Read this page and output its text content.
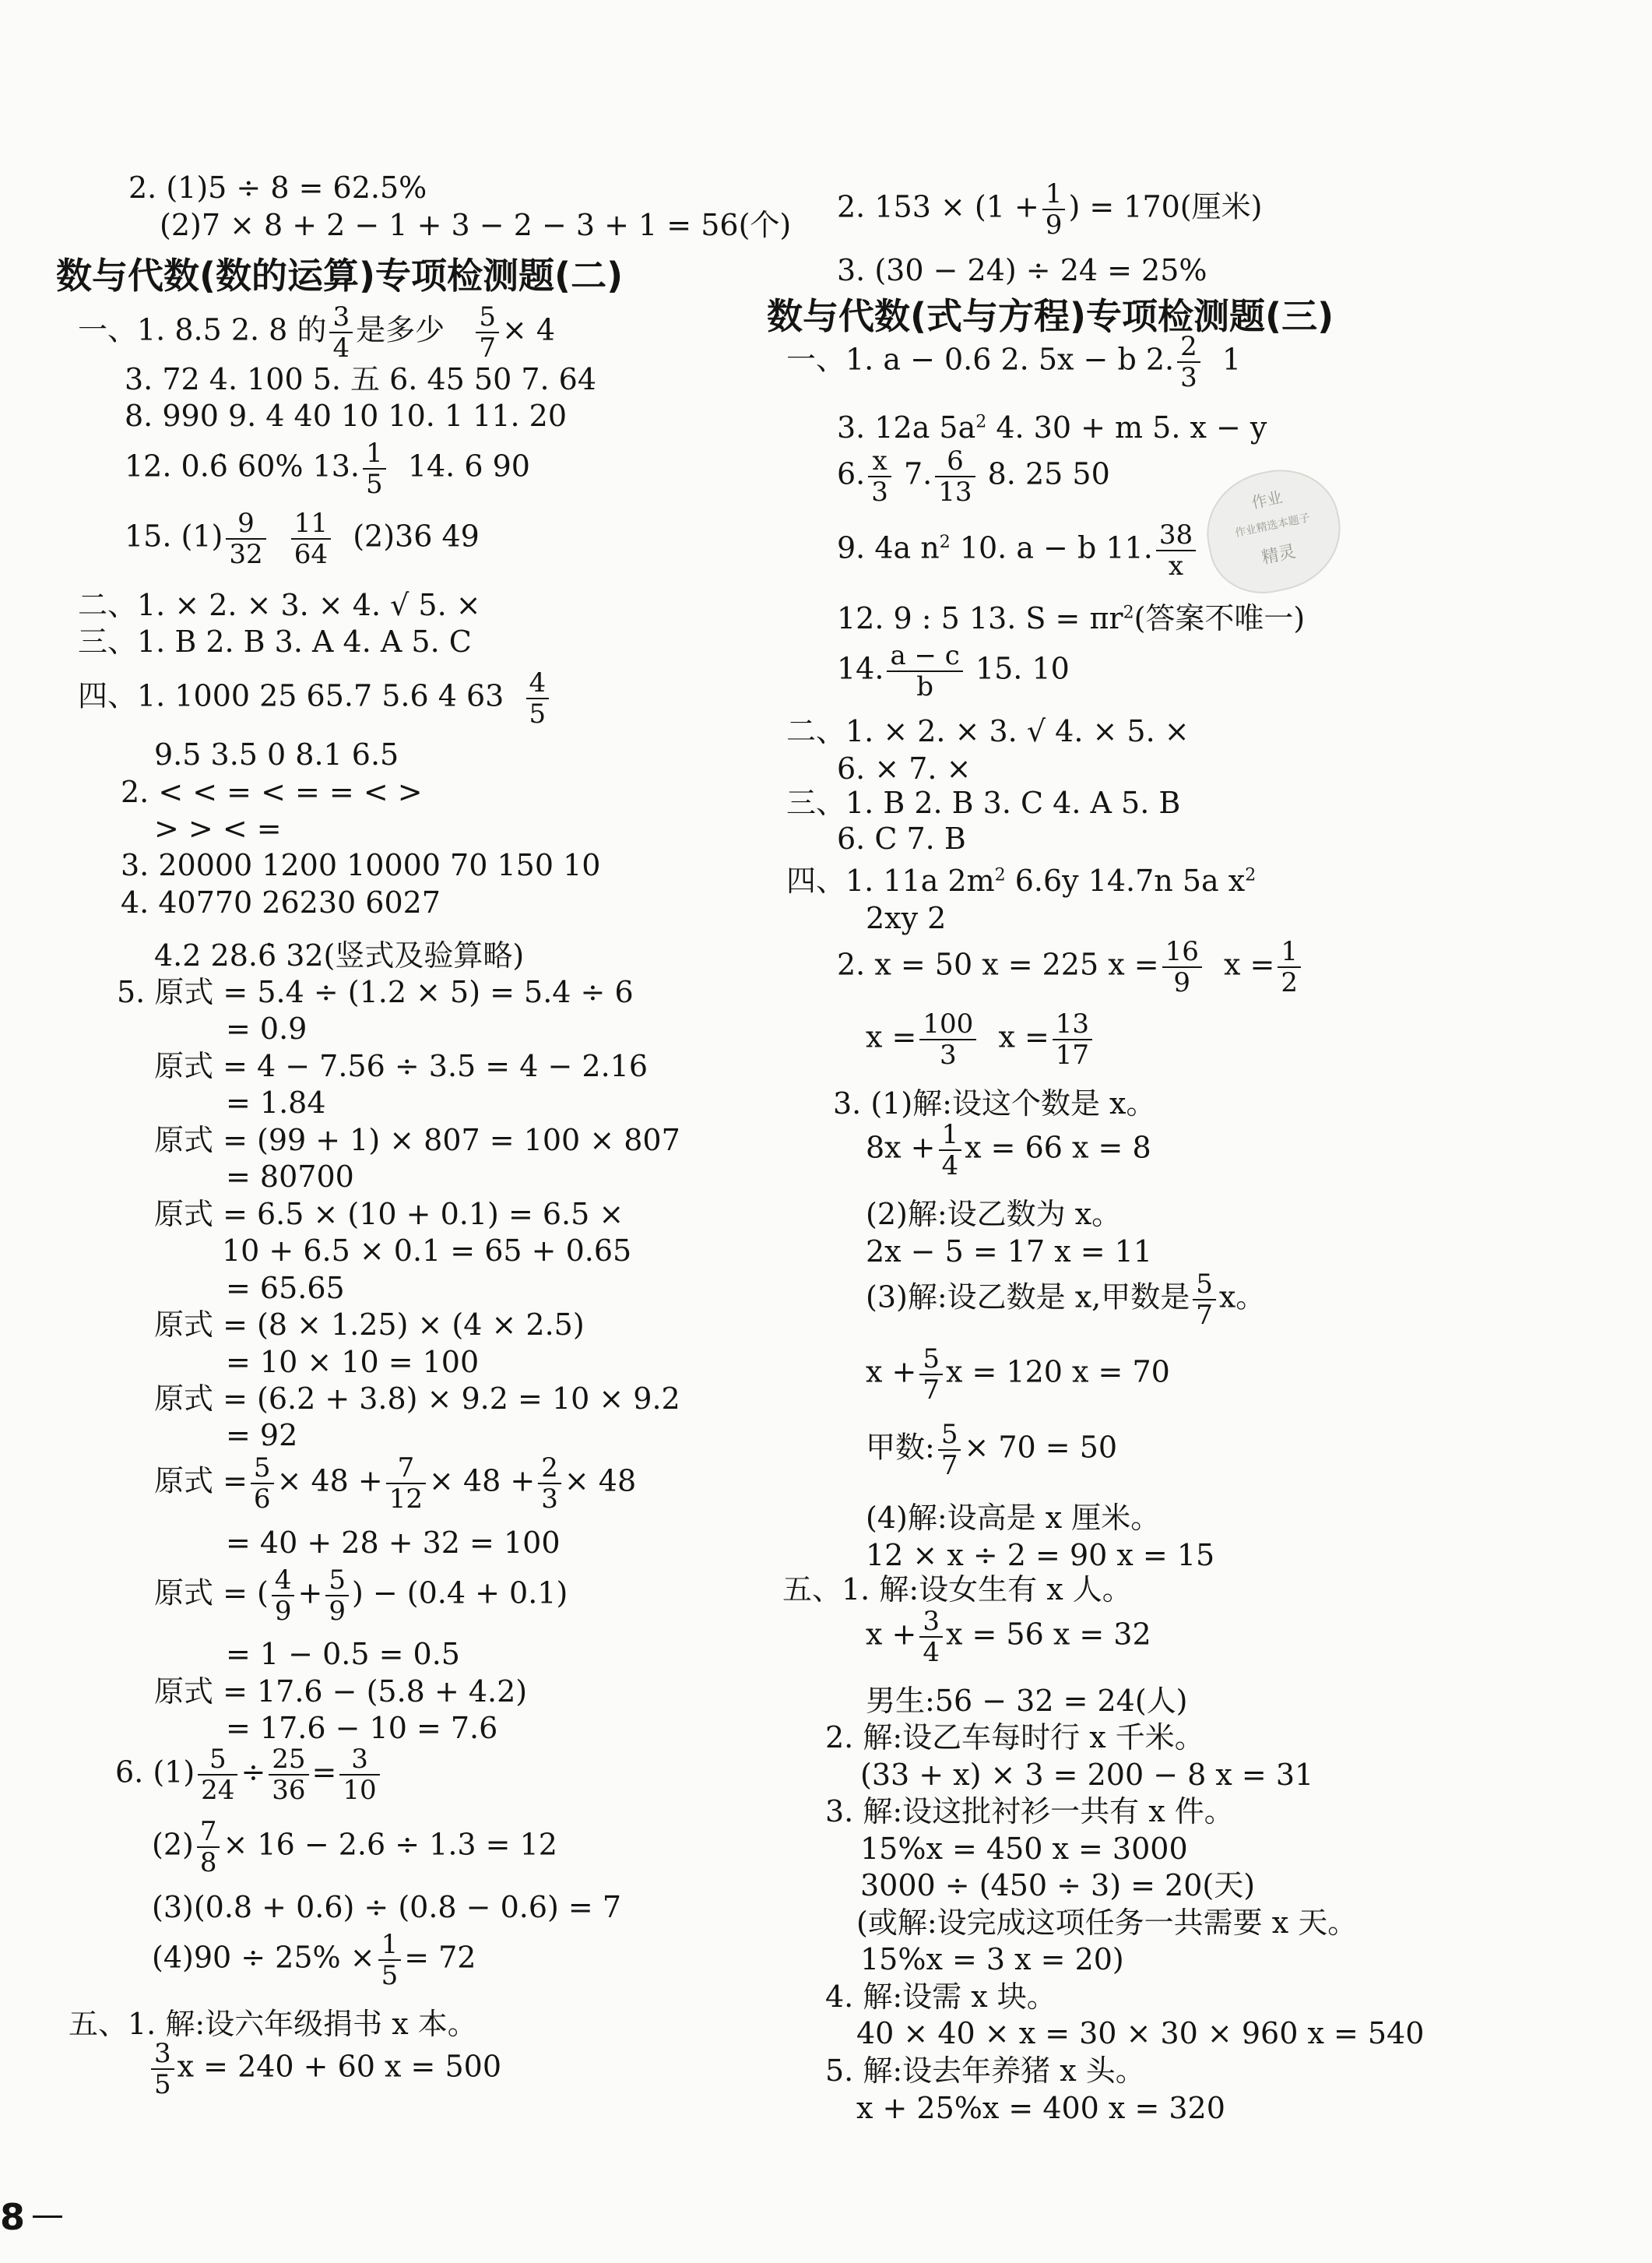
2. (1)5 ÷ 8 = 62.5%
(2)7 × 8 + 2 − 1 + 3 − 2 − 3 + 1 = 56(个)
数与代数(数的运算)专项检测题(二)
一、1. 8.5 2. 8 的 $\frac{3}{4}$ 是多少 $\frac{5}{7} \times 4$
3. 72 4. 100 5. 五 6. 45 50 7. 64
8. 990 9. 4 40 10 10. 1 11. 20
12. 0.6̇ 60% 13. $\frac{1}{5} 14$. 6 90
15. $(1) \frac{9}{32}$
$\frac{11}{64} (2)36$ 49
二、1. × 2. × 3. × 4. √ 5. ×
三、1. B 2. B 3. A 4. A 5. C
四、1. 1000 25 65.7 5.6 4 $63 \frac{4}{5}$
9.5 3.5 0 8.1 6.5
2. < < = < = = < >
> > < =
3. 20000 1200 10000 70 150 10
4. 40770 26230 6027
4.2 28.6̇ 32(竖式及验算略)
5. 原式 = 5.4 ÷ (1.2 × 5) = 5.4 ÷ 6
= 0.9
原式 = 4 − 7.56 ÷ 3.5 = 4 − 2.16
= 1.84
原式 = (99 + 1) × 807 = 100 × 807
= 80700
原式 = 6.5 × (10 + 0.1) = 6.5 ×
10 + 6.5 × 0.1 = 65 + 0.65
= 65.65
原式 = (8 × 1.25) × (4 × 2.5)
= 10 × 10 = 100
原式 = (6.2 + 3.8) × 9.2 = 10 × 9.2
= 92
原式 = $\frac{5}{6} \times 48 + \frac{7}{12} \times 48 + \frac{2}{3} \times 48$
= 40 + 28 + 32 = 100
原式 = ( $\frac{4}{9} + \frac{5}{9}$ ) − (0.4 + 0.1)
= 1 − 0.5 = 0.5
原式 = 17.6 − (5.8 + 4.2)
= 17.6 − 10 = 7.6
6. $(1) \frac{5}{24} \div \frac{25}{36} = \frac{3}{10}$
$(2) \frac{7}{8} \times 16 - 2.6 \div 1.3 = 12$
(3)(0.8 + 0.6) ÷ (0.8 − 0.6) = 7
$(4)90 \div 25\% \times \frac{1}{5} = 72$
五、1. 解:设六年级捐书 x 本。
$\frac{3}{5}$ x = 240 + 60 x = 500
2. $153 \times (1 + \frac{1}{9}$ ) = 170(厘米)
3. (30 − 24) ÷ 24 = 25%
数与代数(式与方程)专项检测题(三)
一、1. a − 0.6 2. 5x − b 2. $\frac{2}{3} 1$
3. 12a $5a^2$ 4. 30 + m 5. x − y
6. $\frac{x}{3} 7$. $\frac{6}{13} 8$. 25 50
9. 4a $n^2$ 10. a − b 11. $\frac{38}{x}$
12. 9 : 5 13. $S = \pi r^2$(答案不唯一)
14. $\frac{a - c}{b} 15$. 10
二、1. × 2. × 3. √ 4. × 5. ×
6. × 7. ×
三、1. B 2. B 3. C 4. A 5. B
6. C 7. B
四、1. 11a $2m^2$ 6.6y 14.7n 5a $x^2$
2xy 2
2. x = 50 x = 225 $x = \frac{16}{9}$ $x = \frac{1}{2}$
$x = \frac{100}{3}$ $x = \frac{13}{17}$
3. (1)解:设这个数是 x。
$8x + \frac{1}{4}$ x = 66 x = 8
(2)解:设乙数为 x。
2x − 5 = 17 x = 11
(3)解:设乙数是 x,甲数是 $\frac{5}{7}$ x。
$x + \frac{5}{7}$ x = 120 x = 70
甲数: $\frac{5}{7} \times 70 = 50$
(4)解:设高是 x 厘米。
12 × x ÷ 2 = 90 x = 15
五、1. 解:设女生有 x 人。
$x + \frac{3}{4}$ x = 56 x = 32
男生:56 − 32 = 24(人)
2. 解:设乙车每时行 x 千米。
(33 + x) × 3 = 200 − 8 x = 31
3. 解:设这批衬衫一共有 x 件。
15%x = 450 x = 3000
3000 ÷ (450 ÷ 3) = 20(天)
(或解:设完成这项任务一共需要 x 天。
15%x = 3 x = 20)
4. 解:设需 x 块。
40 × 40 × x = 30 × 30 × 960 x = 540
5. 解:设去年养猪 x 头。
x + 25%x = 400 x = 320
作业
作业精选本题子
精灵
8
